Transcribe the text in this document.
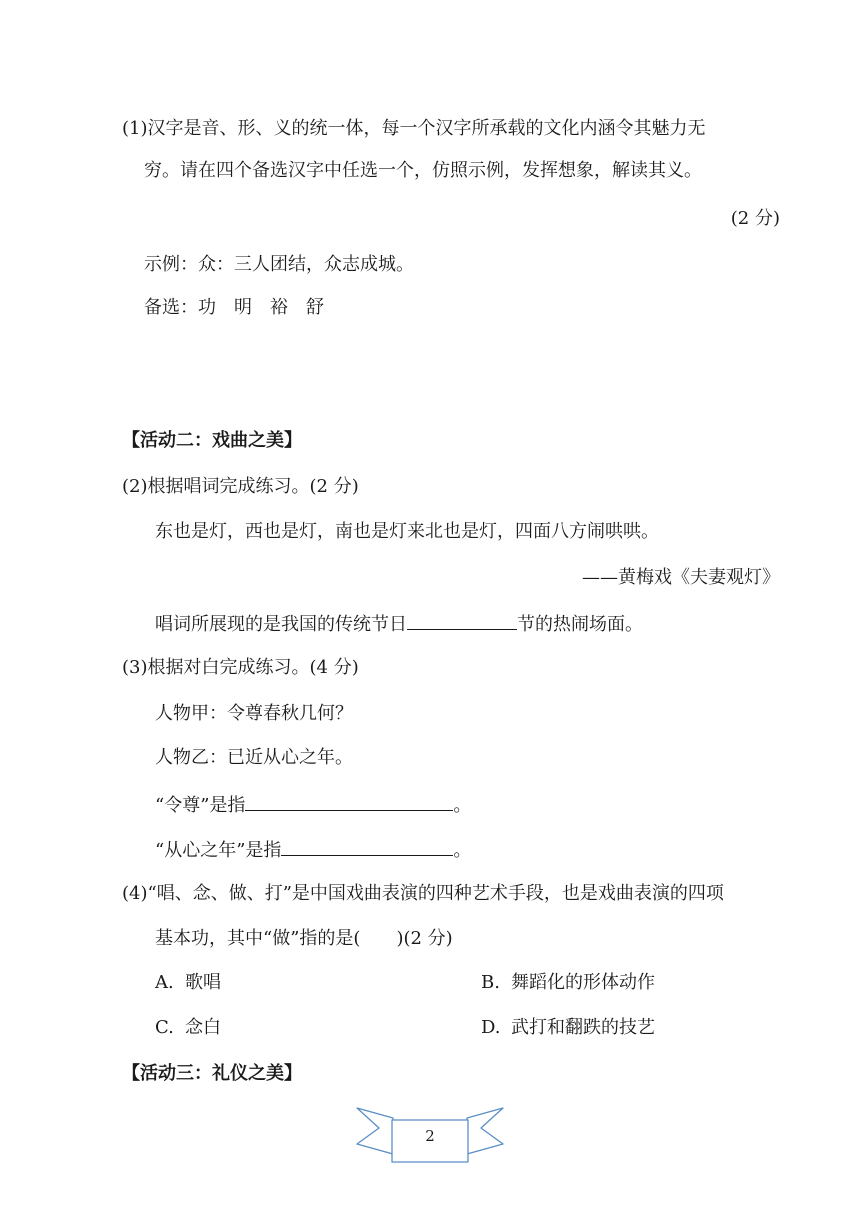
(1)汉字是音、形、义的统一体，每一个汉字所承载的文化内涵令其魅力无
穷。请在四个备选汉字中任选一个，仿照示例，发挥想象，解读其义。
(2 分)
示例：众：三人团结，众志成城。
备选：功　明　裕　舒
【活动二：戏曲之美】
(2)根据唱词完成练习。(2 分)
东也是灯，西也是灯，南也是灯来北也是灯，四面八方闹哄哄。
——黄梅戏《夫妻观灯》
唱词所展现的是我国的传统节日	节的热闹场面。
(3)根据对白完成练习。(4 分)
人物甲：令尊春秋几何？
人物乙：已近从心之年。
“令尊”是指	。
“从心之年”是指	。
(4)“唱、念、做、打”是中国戏曲表演的四种艺术手段，也是戏曲表演的四项
基本功，其中“做”指的是( )(2 分)
A. 歌唱	B. 舞蹈化的形体动作
C. 念白	D. 武打和翻跌的技艺
【活动三：礼仪之美】
2
